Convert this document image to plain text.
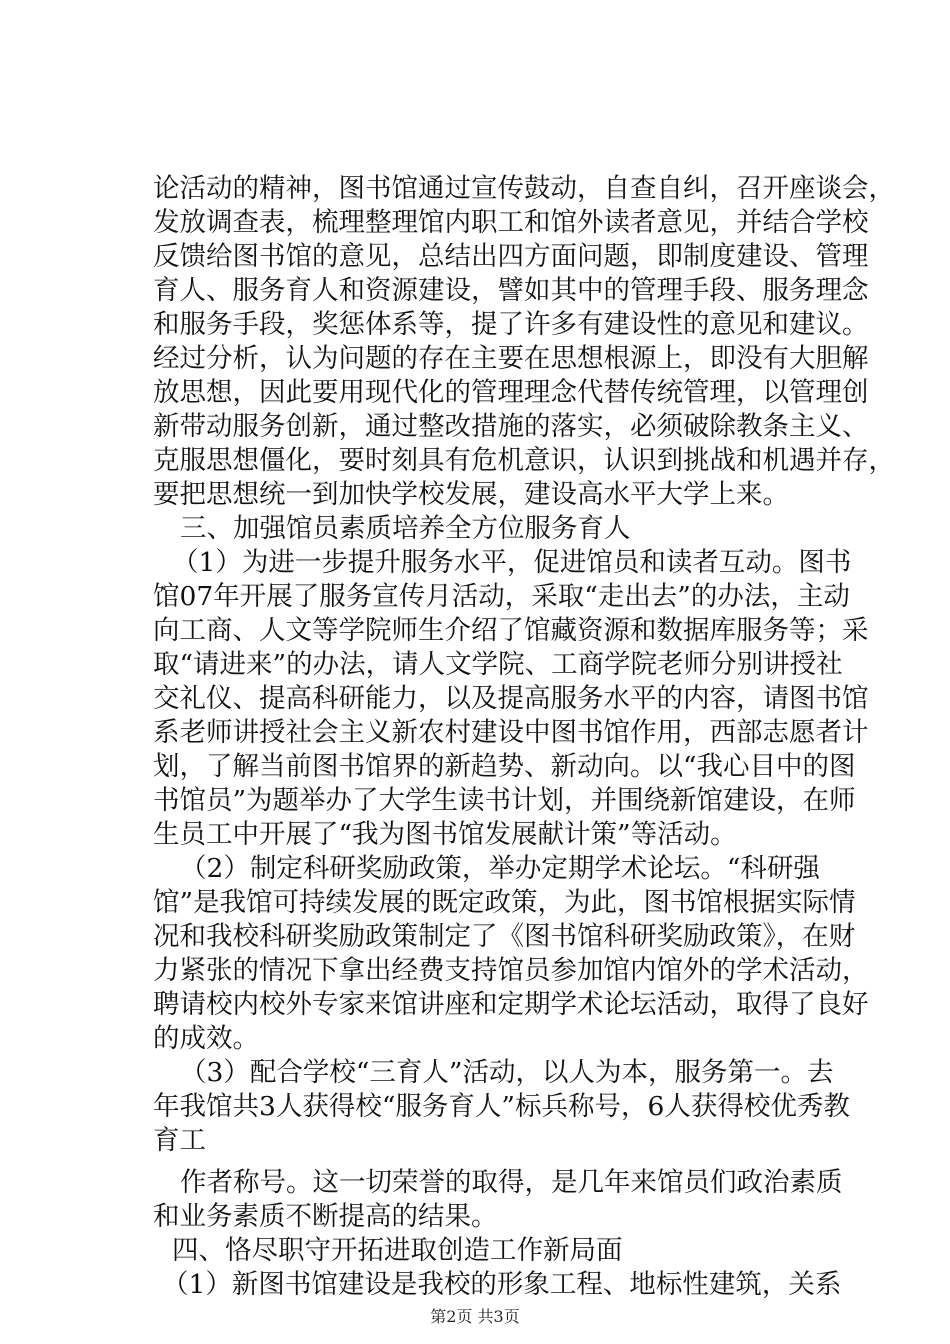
论活动的精神，图书馆通过宣传鼓动，自查自纠，召开座谈会，
发放调查表，梳理整理馆内职工和馆外读者意见，并结合学校
反馈给图书馆的意见，总结出四方面问题，即制度建设、管理
育人、服务育人和资源建设，譬如其中的管理手段、服务理念
和服务手段，奖惩体系等，提了许多有建设性的意见和建议。
经过分析，认为问题的存在主要在思想根源上，即没有大胆解
放思想，因此要用现代化的管理理念代替传统管理，以管理创
新带动服务创新，通过整改措施的落实，必须破除教条主义、
克服思想僵化，要时刻具有危机意识，认识到挑战和机遇并存，
要把思想统一到加快学校发展，建设高水平大学上来。
三、加强馆员素质培养全方位服务育人
（1）为进一步提升服务水平，促进馆员和读者互动。图书
馆07年开展了服务宣传月活动，采取“走出去”的办法，主动
向工商、人文等学院师生介绍了馆藏资源和数据库服务等；采
取“请进来”的办法，请人文学院、工商学院老师分别讲授社
交礼仪、提高科研能力，以及提高服务水平的内容，请图书馆
系老师讲授社会主义新农村建设中图书馆作用，西部志愿者计
划，了解当前图书馆界的新趋势、新动向。以“我心目中的图
书馆员”为题举办了大学生读书计划，并围绕新馆建设，在师
生员工中开展了“我为图书馆发展献计策”等活动。
（2）制定科研奖励政策，举办定期学术论坛。“科研强
馆”是我馆可持续发展的既定政策，为此，图书馆根据实际情
况和我校科研奖励政策制定了《图书馆科研奖励政策》，在财
力紧张的情况下拿出经费支持馆员参加馆内馆外的学术活动，
聘请校内校外专家来馆讲座和定期学术论坛活动，取得了良好
的成效。
（3）配合学校“三育人”活动，以人为本，服务第一。去
年我馆共3人获得校“服务育人”标兵称号，6人获得校优秀教
育工
作者称号。这一切荣誉的取得，是几年来馆员们政治素质
和业务素质不断提高的结果。
四、恪尽职守开拓进取创造工作新局面
（1）新图书馆建设是我校的形象工程、地标性建筑，关系
第2页 共3页
